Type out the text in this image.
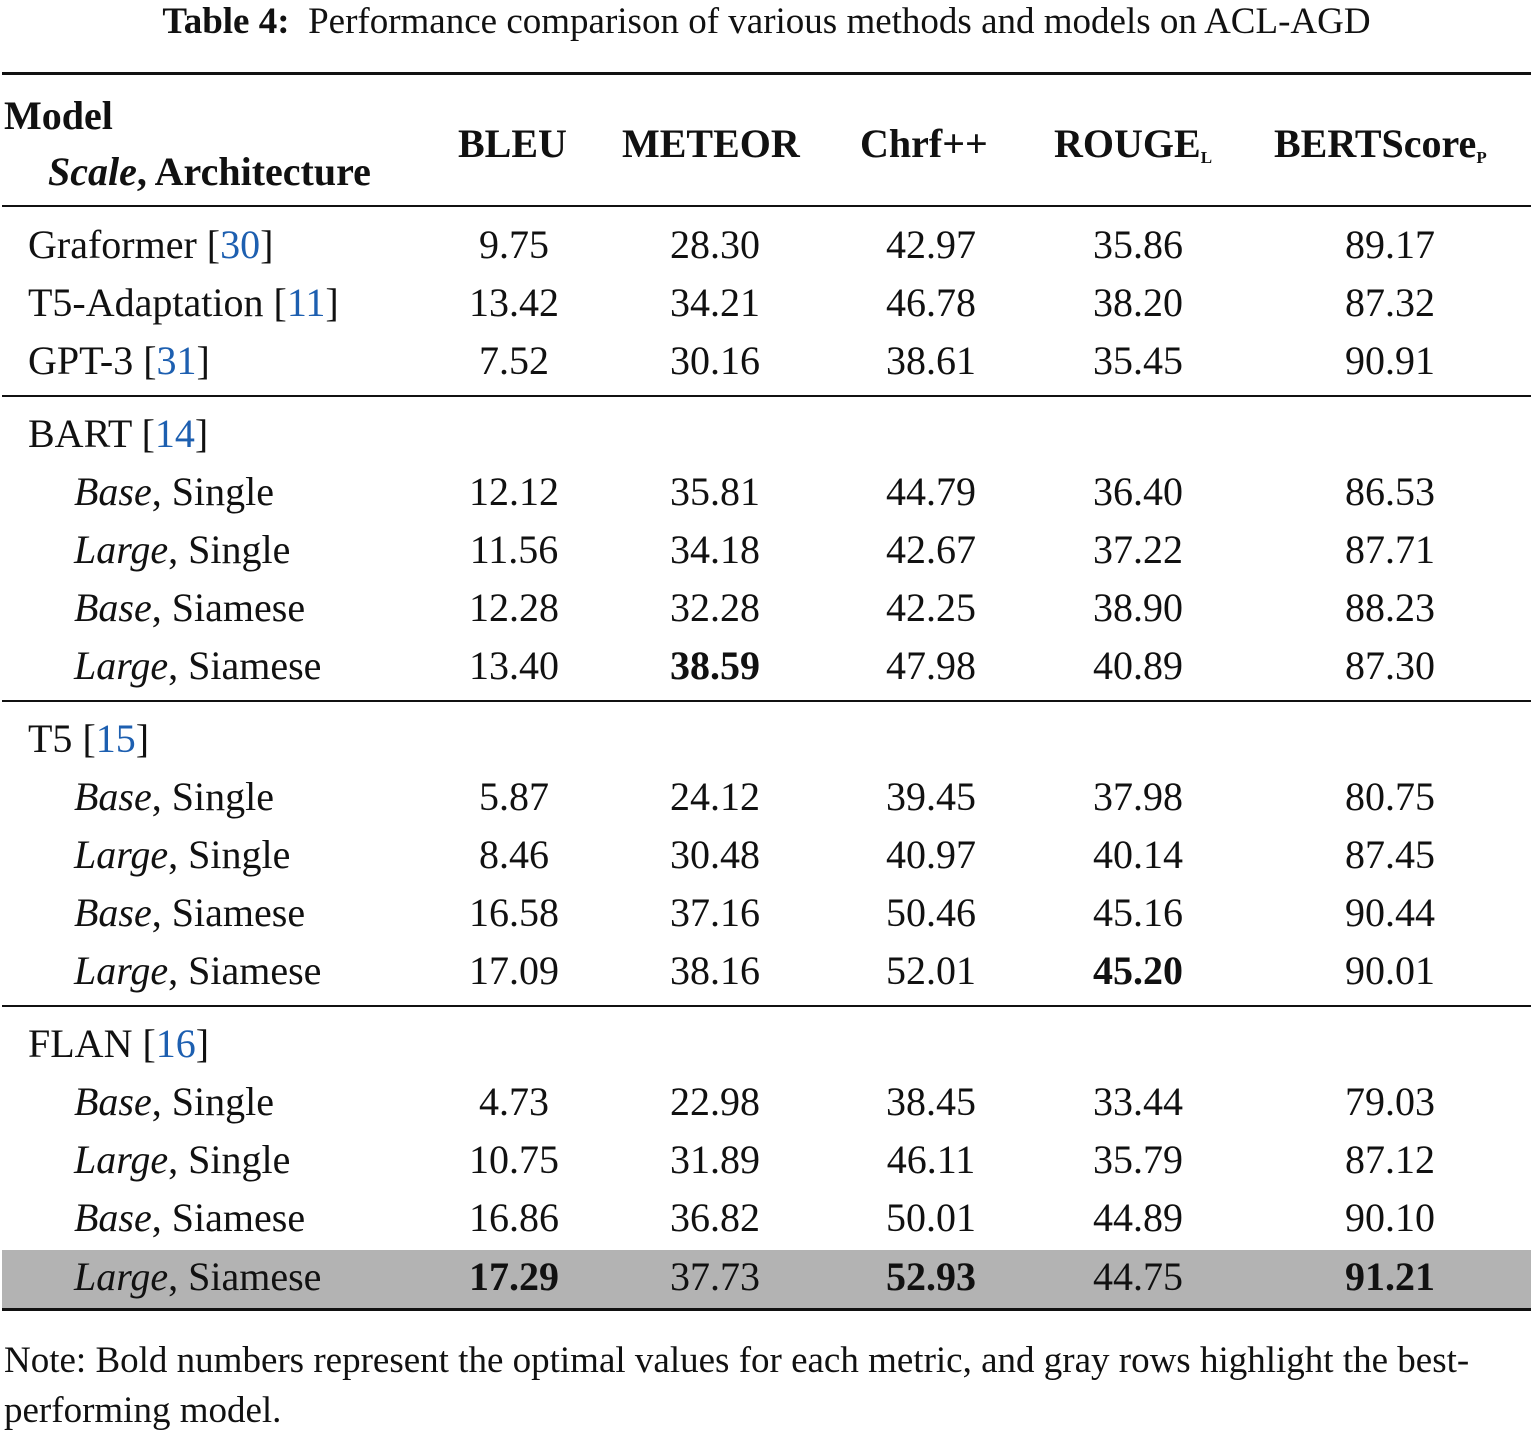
Table 4: Performance comparison of various methods and models on ACL-AGD
Model
Scale, Architecture
BLEU METEOR Chrf++ $ROUGE_L$ BERTScore$_P$
Graformer [30]	9.75	28.30	42.97	35.86	89.17
T5-Adaptation [11]	13.42	34.21	46.78	38.20	87.32
GPT-3 [31]	7.52	30.16	38.61	35.45	90.91
BART [14]
Base, Single	12.12	35.81	44.79	36.40	86.53
Large, Single	11.56	34.18	42.67	37.22	87.71
Base, Siamese	12.28	32.28	42.25	38.90	88.23
Large, Siamese	13.40	38.59	47.98	40.89	87.30
T5 [15]
Base, Single	5.87	24.12	39.45	37.98	80.75
Large, Single	8.46	30.48	40.97	40.14	87.45
Base, Siamese	16.58	37.16	50.46	45.16	90.44
Large, Siamese	17.09	38.16	52.01	45.20	90.01
FLAN [16]
Base, Single	4.73	22.98	38.45	33.44	79.03
Large, Single	10.75	31.89	46.11	35.79	87.12
Base, Siamese	16.86	36.82	50.01	44.89	90.10
Large, Siamese	17.29	37.73	52.93	44.75	91.21
Note: Bold numbers represent the optimal values for each metric, and gray rows highlight the best-performing model.
